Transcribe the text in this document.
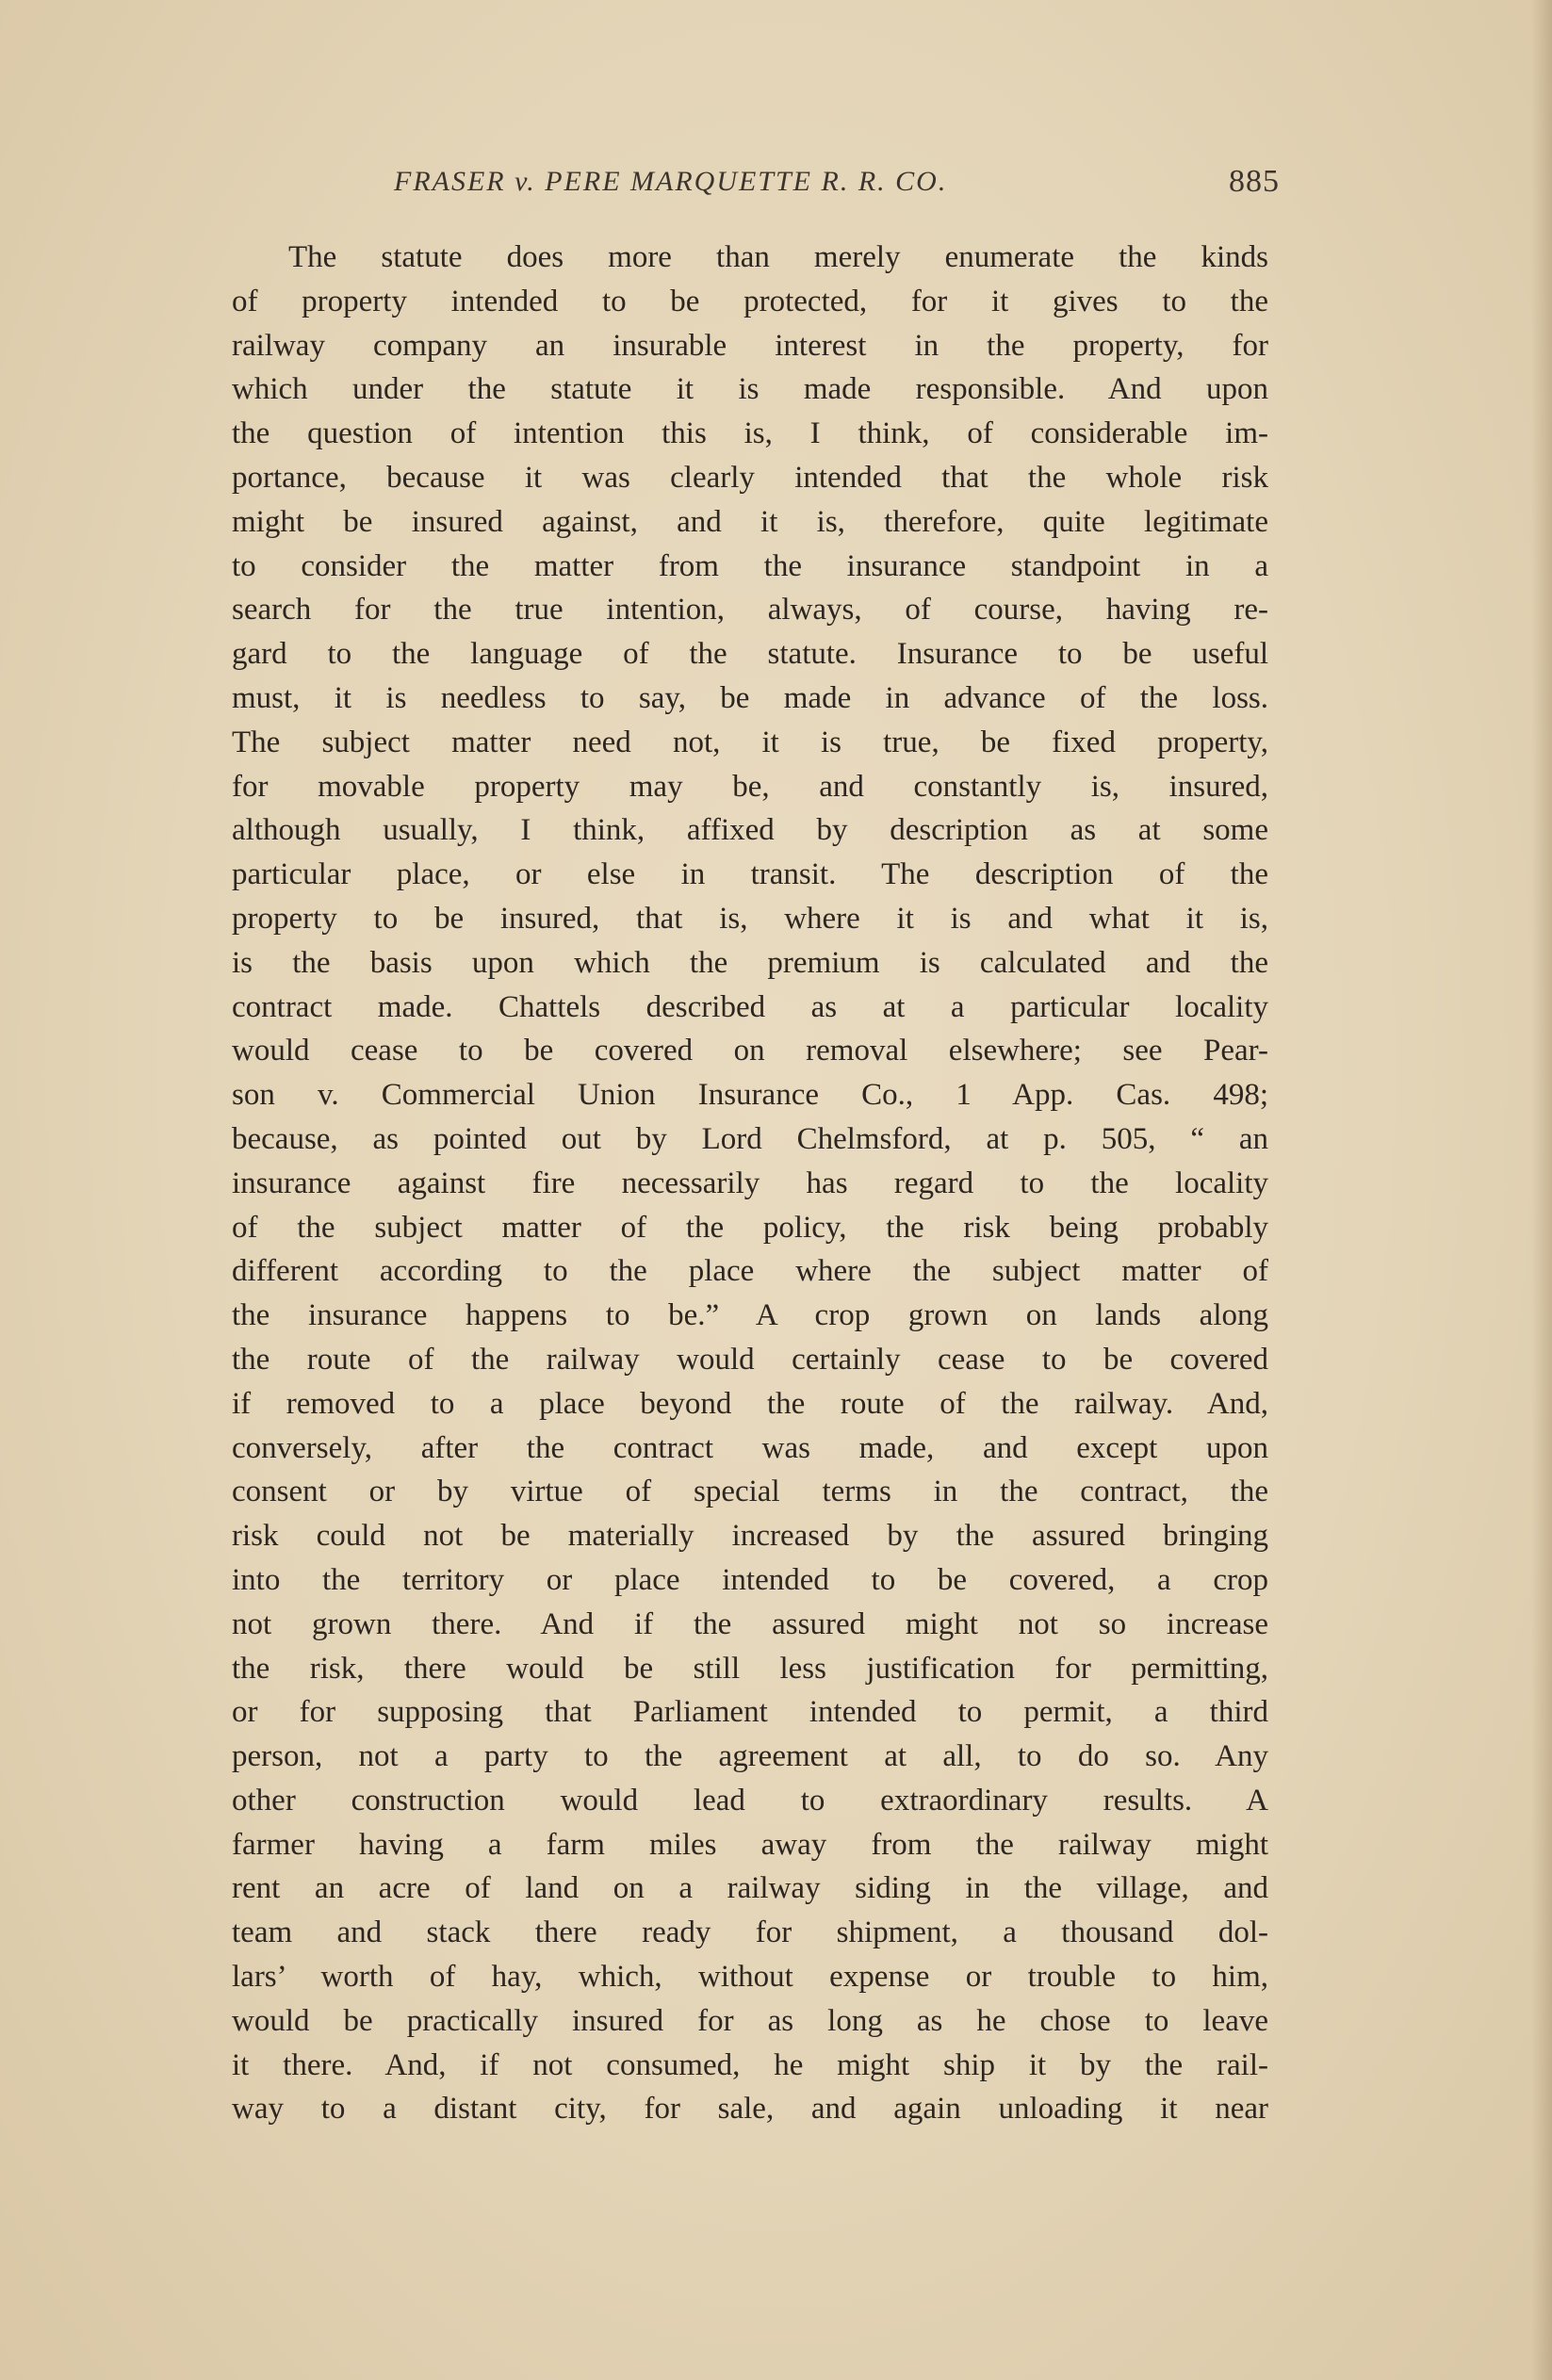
FRASER v. PERE MARQUETTE R. R. CO.	885
The statute does more than merely enumerate the kinds
of property intended to be protected, for it gives to the
railway company an insurable interest in the property, for
which under the statute it is made responsible. And upon
the question of intention this is, I think, of considerable im-
portance, because it was clearly intended that the whole risk
might be insured against, and it is, therefore, quite legitimate
to consider the matter from the insurance standpoint in a
search for the true intention, always, of course, having re-
gard to the language of the statute. Insurance to be useful
must, it is needless to say, be made in advance of the loss.
The subject matter need not, it is true, be fixed property,
for movable property may be, and constantly is, insured,
although usually, I think, affixed by description as at some
particular place, or else in transit. The description of the
property to be insured, that is, where it is and what it is,
is the basis upon which the premium is calculated and the
contract made. Chattels described as at a particular locality
would cease to be covered on removal elsewhere; see Pear-
son v. Commercial Union Insurance Co., 1 App. Cas. 498;
because, as pointed out by Lord Chelmsford, at p. 505, “ an
insurance against fire necessarily has regard to the locality
of the subject matter of the policy, the risk being probably
different according to the place where the subject matter of
the insurance happens to be.” A crop grown on lands along
the route of the railway would certainly cease to be covered
if removed to a place beyond the route of the railway. And,
conversely, after the contract was made, and except upon
consent or by virtue of special terms in the contract, the
risk could not be materially increased by the assured bringing
into the territory or place intended to be covered, a crop
not grown there. And if the assured might not so increase
the risk, there would be still less justification for permitting,
or for supposing that Parliament intended to permit, a third
person, not a party to the agreement at all, to do so. Any
other construction would lead to extraordinary results. A
farmer having a farm miles away from the railway might
rent an acre of land on a railway siding in the village, and
team and stack there ready for shipment, a thousand dol-
lars’ worth of hay, which, without expense or trouble to him,
would be practically insured for as long as he chose to leave
it there. And, if not consumed, he might ship it by the rail-
way to a distant city, for sale, and again unloading it near
